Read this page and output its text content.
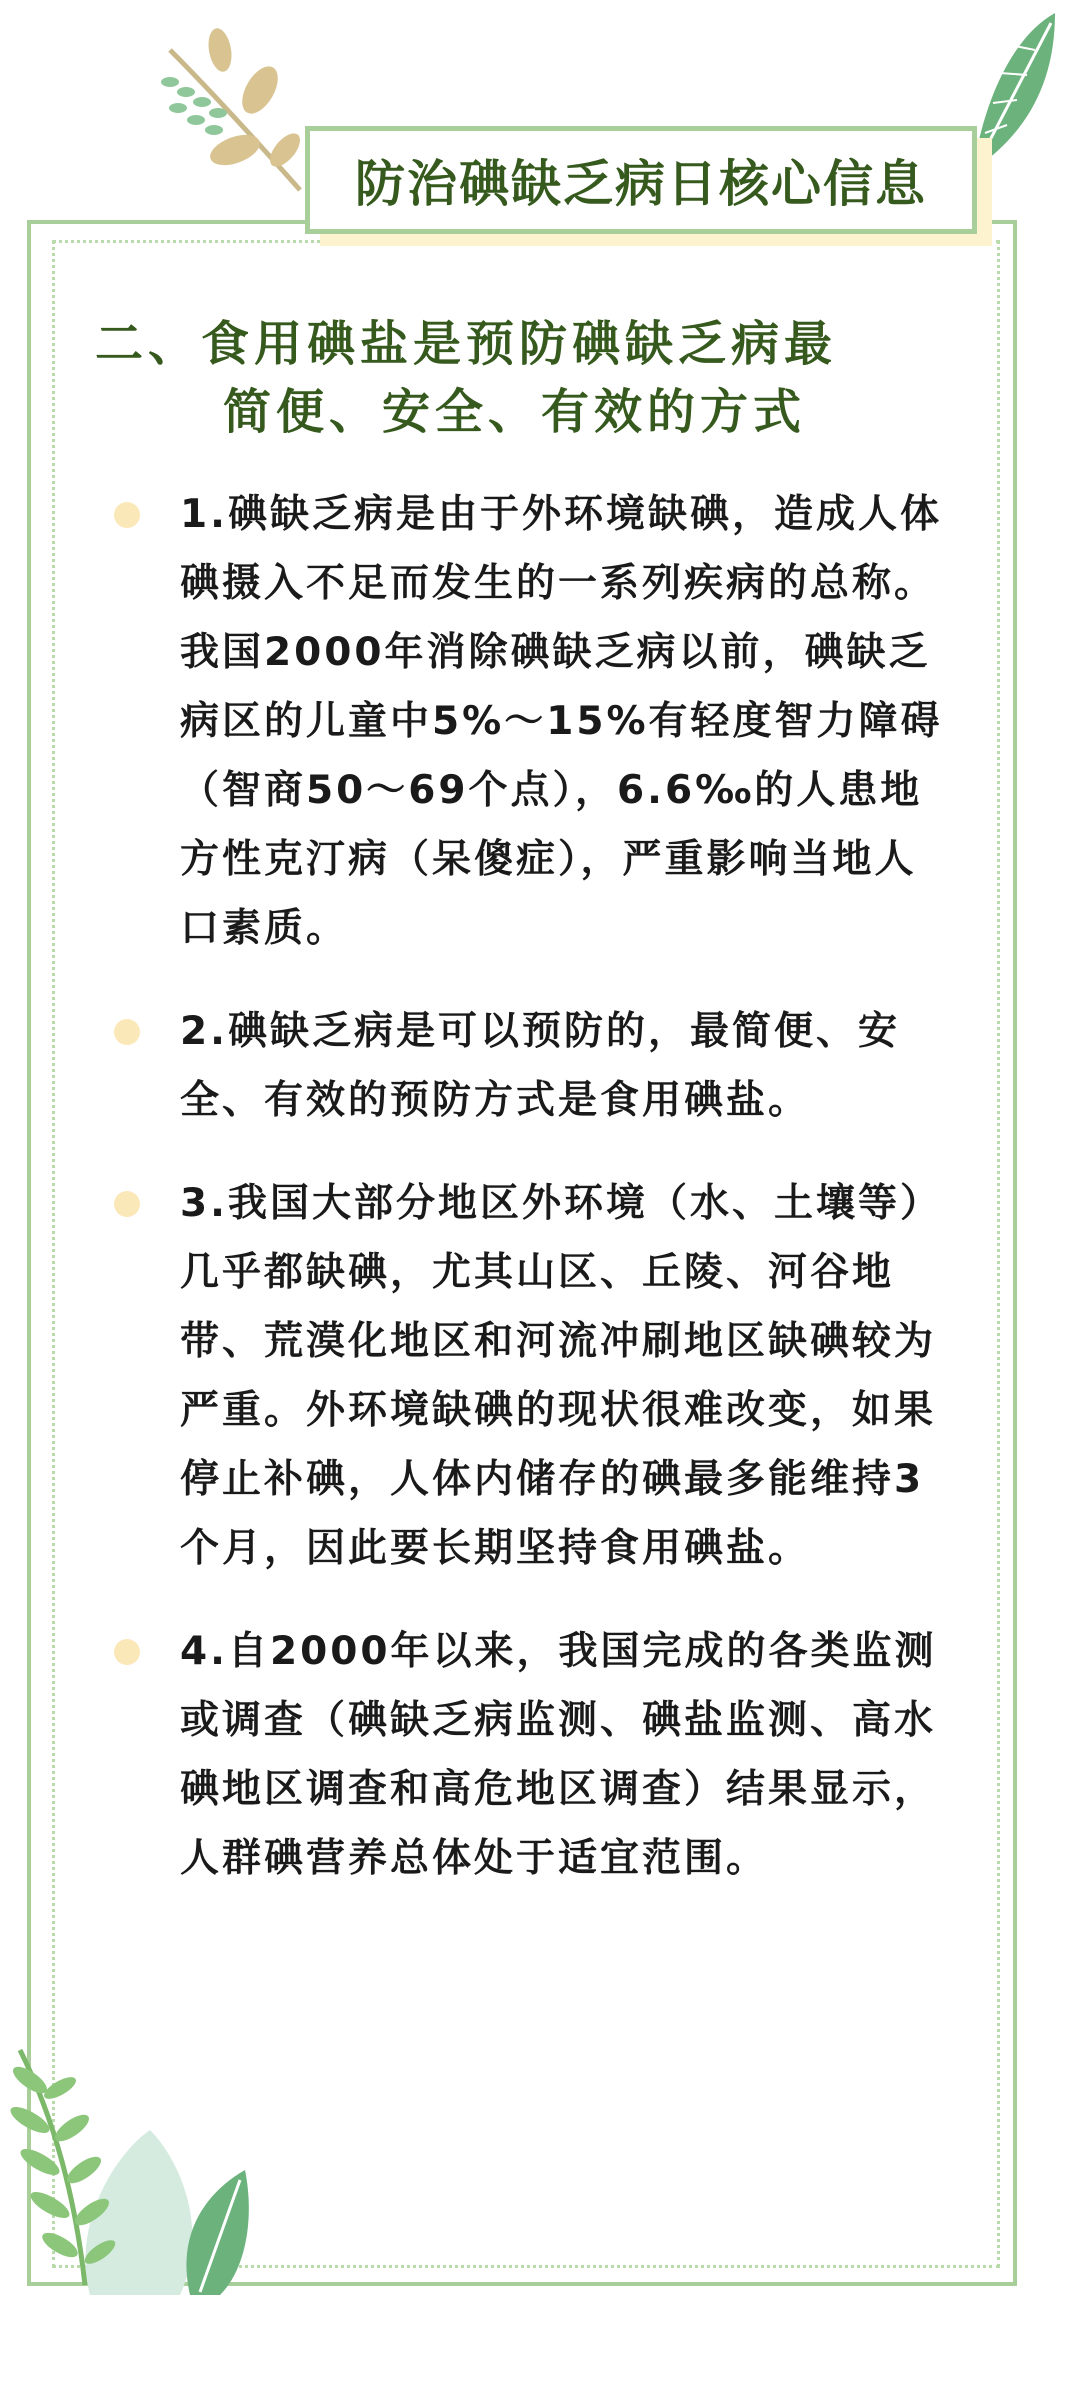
防治碘缺乏病日核心信息
二、食用碘盐是预防碘缺乏病最
简便、安全、有效的方式
1.碘缺乏病是由于外环境缺碘，造成人体碘摄入不足而发生的一系列疾病的总称。我国2000年消除碘缺乏病以前，碘缺乏病区的儿童中5%～15%有轻度智力障碍（智商50～69个点），6.6‰的人患地方性克汀病（呆傻症），严重影响当地人口素质。
2.碘缺乏病是可以预防的，最简便、安全、有效的预防方式是食用碘盐。
3.我国大部分地区外环境（水、土壤等）几乎都缺碘，尤其山区、丘陵、河谷地带、荒漠化地区和河流冲刷地区缺碘较为严重。外环境缺碘的现状很难改变，如果停止补碘，人体内储存的碘最多能维持3个月，因此要长期坚持食用碘盐。
4.自2000年以来，我国完成的各类监测或调查（碘缺乏病监测、碘盐监测、高水碘地区调查和高危地区调查）结果显示，人群碘营养总体处于适宜范围。
